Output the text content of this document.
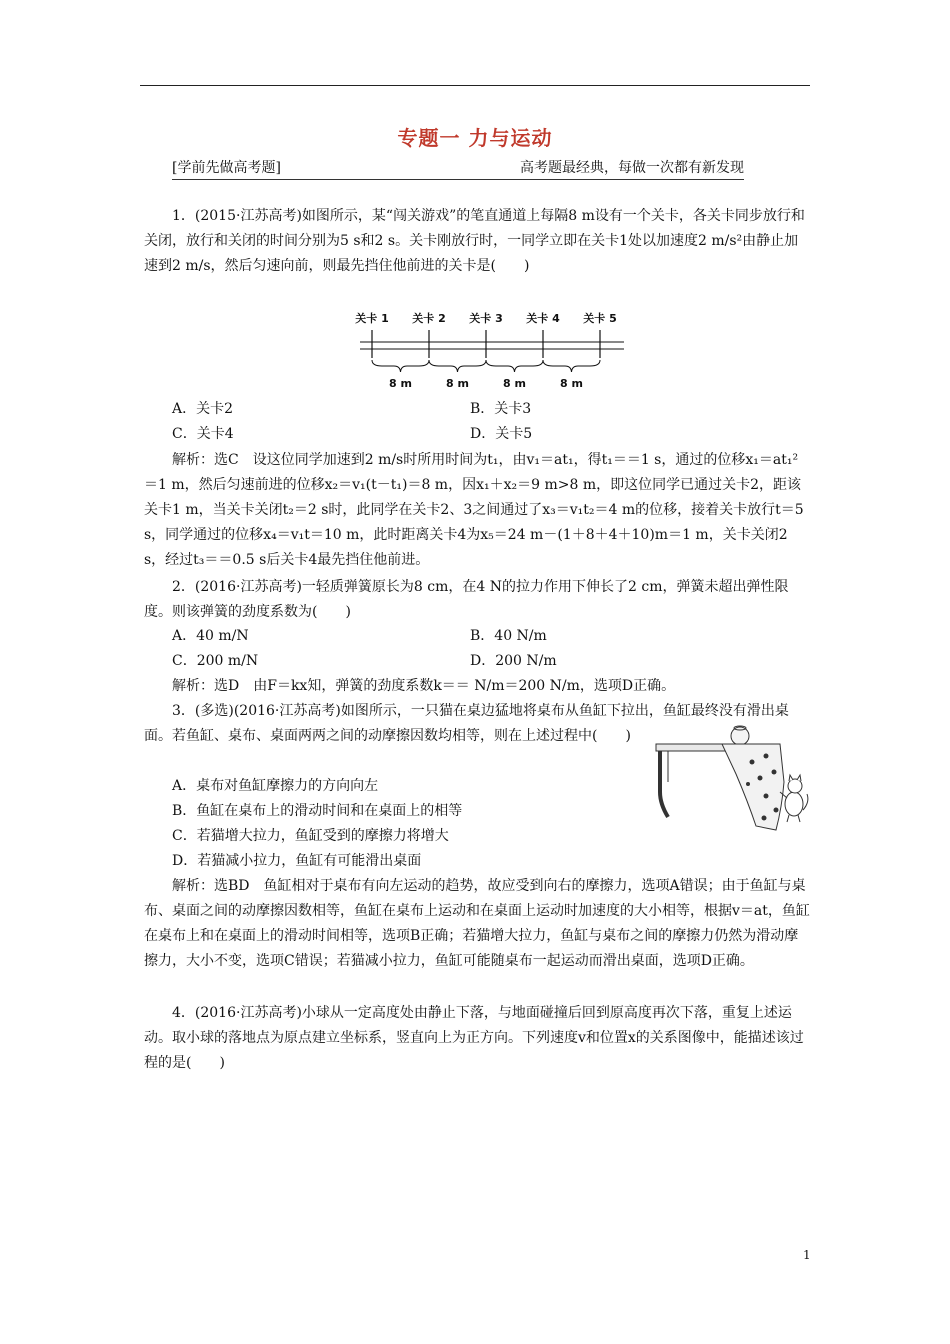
专题一 力与运动
[学前先做高考题]	高考题最经典，每做一次都有新发现
1．(2015·江苏高考)如图所示，某“闯关游戏”的笔直通道上每隔8 m设有一个关卡，各关卡同步放行和关闭，放行和关闭的时间分别为5 s和2 s。关卡刚放行时，一同学立即在关卡1处以加速度2 m/s²由静止加速到2 m/s，然后匀速向前，则最先挡住他前进的关卡是(　　)
关卡 1 关卡 2 关卡 3 关卡 4 关卡 5
8 m	8 m	8 m	8 m
A．关卡2	B．关卡3
C．关卡4	D．关卡5
解析：选C　设这位同学加速到2 m/s时所用时间为t₁，由v₁＝at₁，得t₁＝＝1 s，通过的位移x₁＝at₁²＝1 m，然后匀速前进的位移x₂＝v₁(t－t₁)＝8 m，因x₁＋x₂＝9 m>8 m，即这位同学已通过关卡2，距该关卡1 m，当关卡关闭t₂＝2 s时，此同学在关卡2、3之间通过了x₃＝v₁t₂＝4 m的位移，接着关卡放行t＝5 s，同学通过的位移x₄＝v₁t＝10 m，此时距离关卡4为x₅＝24 m－(1＋8＋4＋10)m＝1 m，关卡关闭2 s，经过t₃＝＝0.5 s后关卡4最先挡住他前进。
2．(2016·江苏高考)一轻质弹簧原长为8 cm，在4 N的拉力作用下伸长了2 cm，弹簧未超出弹性限度。则该弹簧的劲度系数为(　　)
A．40 m/N	B．40 N/m
C．200 m/N	D．200 N/m
解析：选D　由F＝kx知，弹簧的劲度系数k＝＝ N/m＝200 N/m，选项D正确。
3．(多选)(2016·江苏高考)如图所示，一只猫在桌边猛地将桌布从鱼缸下拉出，鱼缸最终没有滑出桌面。若鱼缸、桌布、桌面两两之间的动摩擦因数均相等，则在上述过程中(　　)
A．桌布对鱼缸摩擦力的方向向左
B．鱼缸在桌布上的滑动时间和在桌面上的相等
C．若猫增大拉力，鱼缸受到的摩擦力将增大
D．若猫减小拉力，鱼缸有可能滑出桌面
解析：选BD　鱼缸相对于桌布有向左运动的趋势，故应受到向右的摩擦力，选项A错误；由于鱼缸与桌布、桌面之间的动摩擦因数相等，鱼缸在桌布上运动和在桌面上运动时加速度的大小相等，根据v＝at，鱼缸在桌布上和在桌面上的滑动时间相等，选项B正确；若猫增大拉力，鱼缸与桌布之间的摩擦力仍然为滑动摩擦力，大小不变，选项C错误；若猫减小拉力，鱼缸可能随桌布一起运动而滑出桌面，选项D正确。
4．(2016·江苏高考)小球从一定高度处由静止下落，与地面碰撞后回到原高度再次下落，重复上述运动。取小球的落地点为原点建立坐标系，竖直向上为正方向。下列速度v和位置x的关系图像中，能描述该过程的是(　　)
1
